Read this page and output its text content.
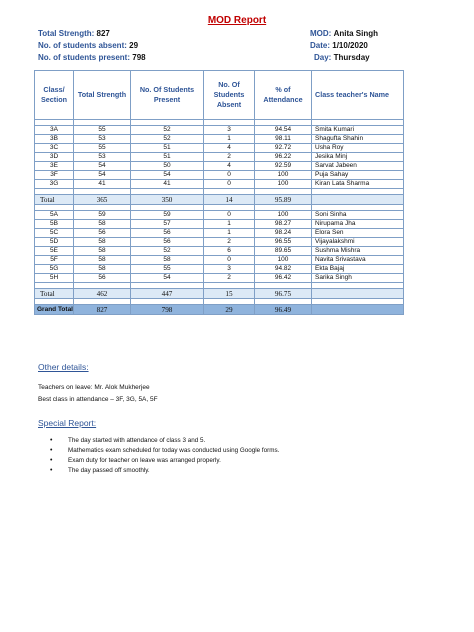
MOD Report
Total Strength: 827
No. of students absent: 29
No. of students present: 798
MOD: Anita Singh
Date: 1/10/2020
Day: Thursday
Class/ Section	Total Strength	No. Of Students Present	No. Of Students Absent	% of Attendance	Class teacher's Name

3A	55	52	3	94.54	Smita Kumari
3B	53	52	1	98.11	Shagufta Shahin
3C	55	51	4	92.72	Usha Roy
3D	53	51	2	96.22	Jesika Minj
3E	54	50	4	92.59	Sarvat Jabeen
3F	54	54	0	100	Puja Sahay
3G	41	41	0	100	Kiran Lata Sharma

Total	365	350	14	95.89	

5A	59	59	0	100	Soni Sinha
5B	58	57	1	98.27	Nirupama Jha
5C	56	56	1	98.24	Elora Sen
5D	58	56	2	96.55	Vijayalakshmi
5E	58	52	6	89.65	Sushma Mishra
5F	58	58	0	100	Navita Srivastava
5G	58	55	3	94.82	Ekta Bajaj
5H	56	54	2	96.42	Sarika Singh

Total	462	447	15	96.75	

Grand Total	827	798	29	96.49	
Other details:
Teachers on leave: Mr. Alok Mukherjee
Best class in attendance – 3F, 3G, 5A, 5F
Special Report:
• The day started with attendance of class 3 and 5.
• Mathematics exam scheduled for today was conducted using Google forms.
• Exam duty for teacher on leave was arranged properly.
• The day passed off smoothly.
